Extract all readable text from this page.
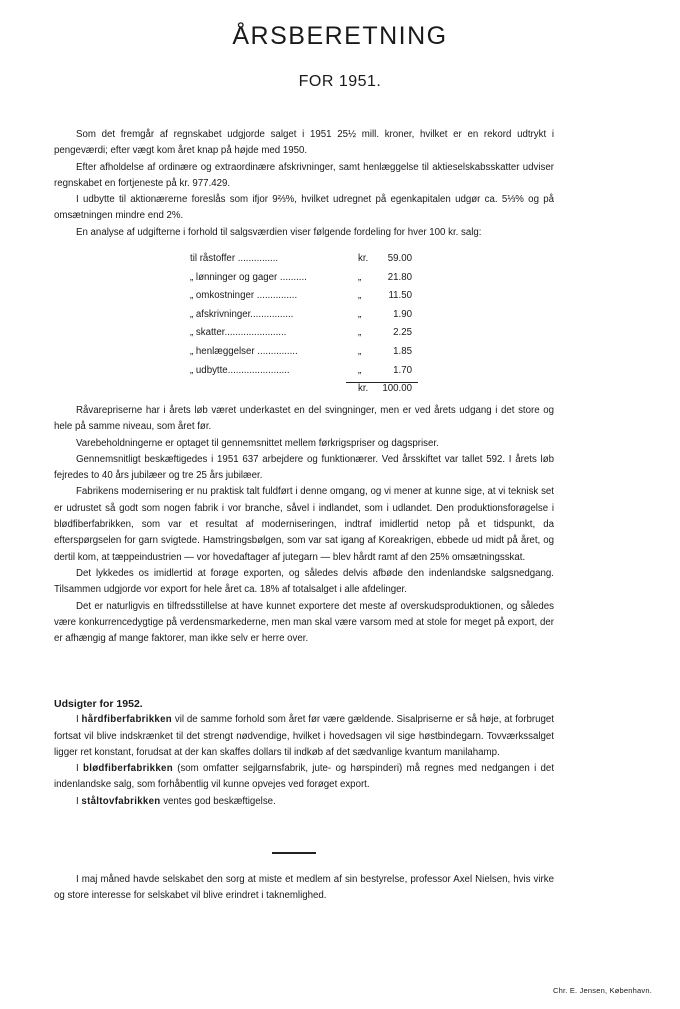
ÅRSBERETNING
FOR 1951.

Som det fremgår af regnskabet udgjorde salget i 1951 25½ mill. kroner, hvilket er en rekord udtrykt i pengeværdi; efter vægt kom året knap på højde med 1950.

Efter afholdelse af ordinære og extraordinære afskrivninger, samt henlæggelse til aktieselskabsskatter udviser regnskabet en fortjeneste på kr. 977.429.

I udbytte til aktionærerne foreslås som ifjor 9⅔%, hvilket udregnet på egenkapitalen udgør ca. 5⅓% og på omsætningen mindre end 2%.

En analyse af udgifterne i forhold til salgsværdien viser følgende fordeling for hver 100 kr. salg:

til råstoffer ...............	kr. 59.00
„ lønninger og gager ..........	„	21.80
„ omkostninger ...............	„	11.50
„ afskrivninger................	„	1.90
„ skatter.......................	„	2.25
„ henlæggelser ...............	„	1.85
„ udbytte.......................	„	1.70
kr. 100.00

Råvarepriserne har i årets løb været underkastet en del svingninger, men er ved årets udgang i det store og hele på samme niveau, som året før.

Varebeholdningerne er optaget til gennemsnittet mellem førkrigspriser og dagspriser.

Gennemsnitligt beskæftigedes i 1951 637 arbejdere og funktionærer. Ved årsskiftet var tallet 592. I årets løb fejredes to 40 års jubilæer og tre 25 års jubilæer.

Fabrikens modernisering er nu praktisk talt fuldført i denne omgang, og vi mener at kunne sige, at vi teknisk set er udrustet så godt som nogen fabrik i vor branche, såvel i indlandet, som i udlandet. Den produktionsforøgelse i blødfiberfabrikken, som var et resultat af moderniseringen, indtraf imidlertid netop på et tidspunkt, da efterspørgselen for garn svigtede. Hamstringsbølgen, som var sat igang af Koreakrigen, ebbede ud midt på året, og dertil kom, at tæppeindustrien — vor hovedaftager af jutegarn — blev hårdt ramt af den 25% omsætningsskat.

Det lykkedes os imidlertid at forøge exporten, og således delvis afbøde den indenlandske salgsnedgang. Tilsammen udgjorde vor export for hele året ca. 18% af totalsalget i alle afdelinger.

Det er naturligvis en tilfredsstillelse at have kunnet exportere det meste af overskudsproduktionen, og således være konkurrencedygtige på verdensmarkederne, men man skal være varsom med at stole for meget på export, der er afhængig af mange faktorer, man ikke selv er herre over.

Udsigter for 1952.

I hårdfiberfabrikken vil de samme forhold som året før være gældende. Sisalpriserne er så høje, at forbruget fortsat vil blive indskrænket til det strengt nødvendige, hvilket i hovedsagen vil sige høstbindegarn. Tovværkssalget ligger ret konstant, forudsat at der kan skaffes dollars til indkøb af det sædvanlige kvantum manilahamp.

I blødfiberfabrikken (som omfatter sejlgarnsfabrik, jute- og hørspinderi) må regnes med nedgangen i det indenlandske salg, som forhåbentlig vil kunne opvejes ved forøget export.

I ståltovfabrikken ventes god beskæftigelse.

I maj måned havde selskabet den sorg at miste et medlem af sin bestyrelse, professor Axel Nielsen, hvis virke og store interesse for selskabet vil blive erindret i taknemlighed.

Chr. E. Jensen, København.
